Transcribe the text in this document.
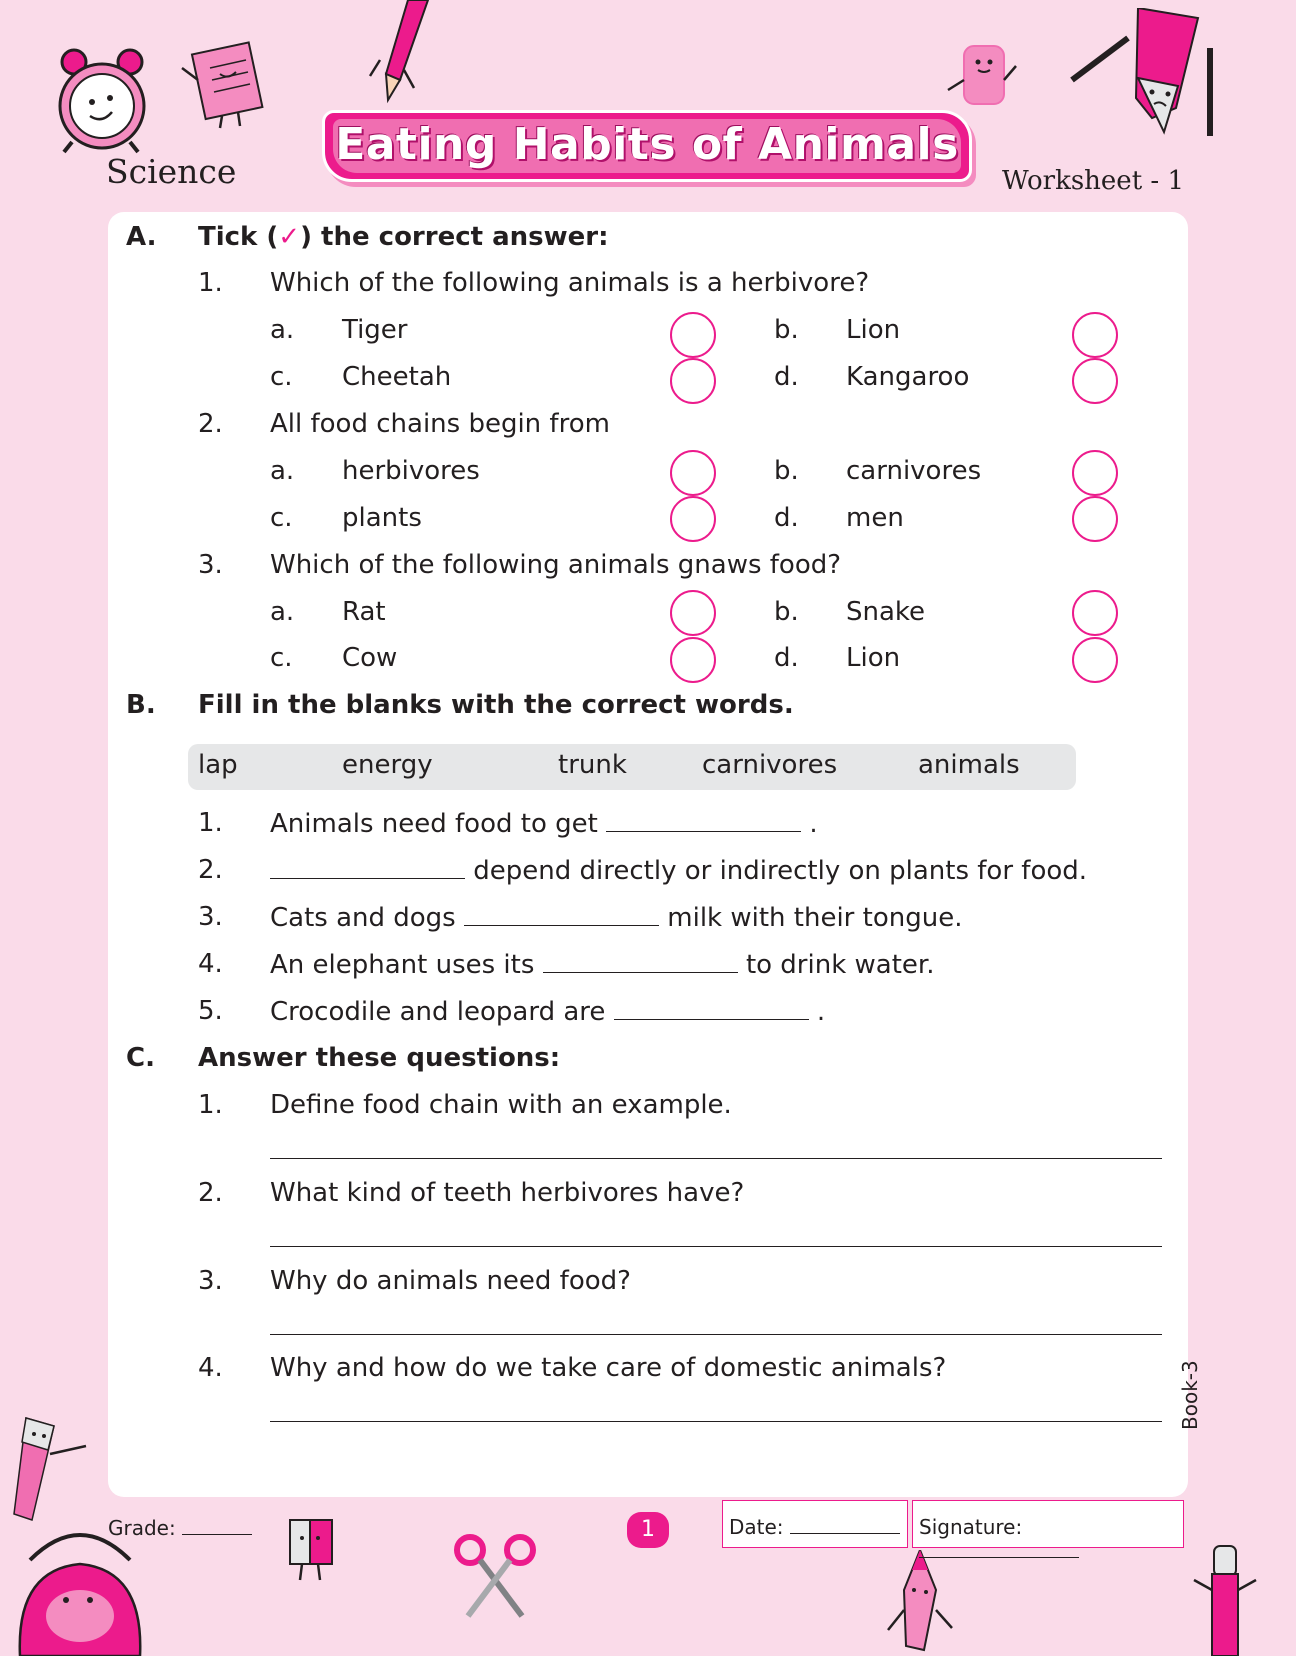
Science
Eating Habits of Animals
Worksheet - 1
A. Tick (✓) the correct answer:
1. Which of the following animals is a herbivore?
a. Tiger	b. Lion
c. Cheetah	d. Kangaroo
2. All food chains begin from
a. herbivores	b. carnivores
c. plants	d. men
3. Which of the following animals gnaws food?
a. Rat	b. Snake
c. Cow	d. Lion
B. Fill in the blanks with the correct words.
lap	energy	trunk	carnivores	animals
1. Animals need food to get	.
2.	depend directly or indirectly on plants for food.
3. Cats and dogs	milk with their tongue.
4. An elephant uses its	to drink water.
5. Crocodile and leopard are	.
C. Answer these questions:
1. Define food chain with an example.
2. What kind of teeth herbivores have?
3. Why do animals need food?
4. Why and how do we take care of domestic animals?
Grade:	1	Date:	Signature:
Book-3
